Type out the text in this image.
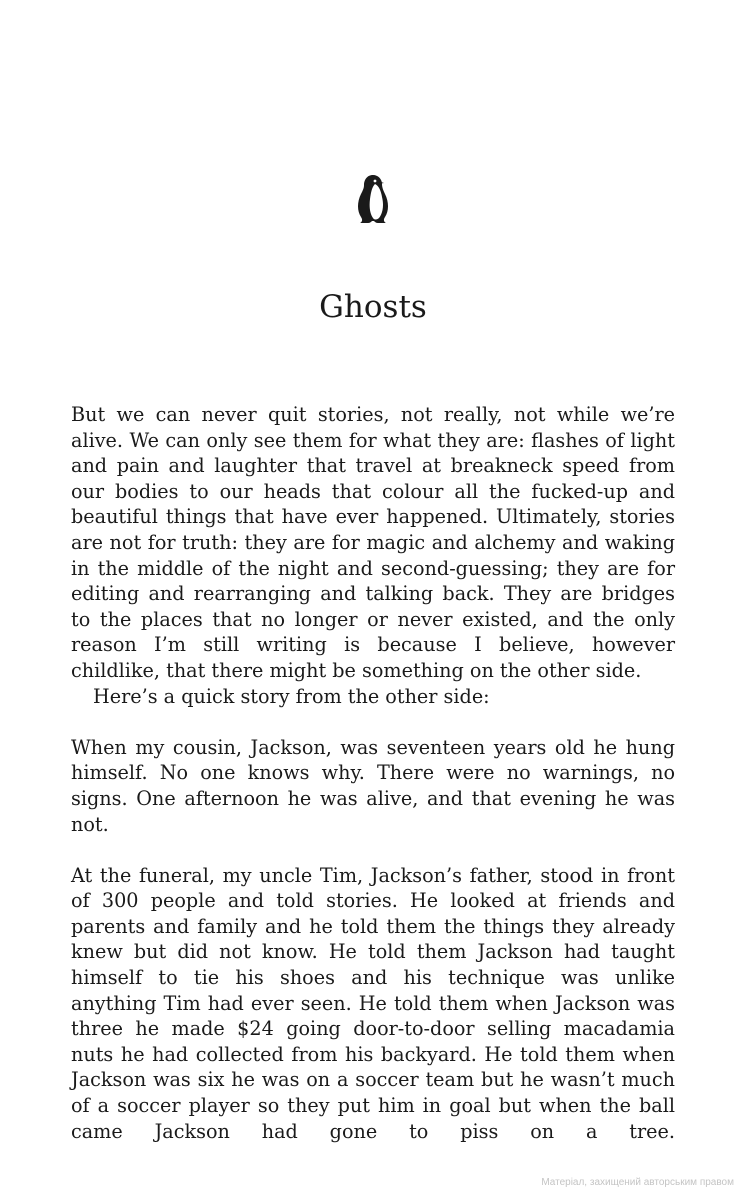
Ghosts

But we can never quit stories, not really, not while we’re alive. We can only see them for what they are: flashes of light and pain and laughter that travel at breakneck speed from our bodies to our heads that colour all the fucked-up and beautiful things that have ever happened. Ultimately, stories are not for truth: they are for magic and alchemy and waking in the middle of the night and second-guessing; they are for editing and rearranging and talking back. They are bridges to the places that no longer or never existed, and the only reason I’m still writing is because I believe, however childlike, that there might be something on the other side.

Here’s a quick story from the other side:

When my cousin, Jackson, was seventeen years old he hung himself. No one knows why. There were no warnings, no signs. One afternoon he was alive, and that evening he was not.

At the funeral, my uncle Tim, Jackson’s father, stood in front of 300 people and told stories. He looked at friends and parents and family and he told them the things they already knew but did not know. He told them Jackson had taught himself to tie his shoes and his technique was unlike anything Tim had ever seen. He told them when Jackson was three he made $24 going door-to-door selling macadamia nuts he had collected from his backyard. He told them when Jackson was six he was on a soccer team but he wasn’t much of a soccer player so they put him in goal but when the ball came Jackson had gone to piss on a tree.

Матеріал, захищений авторським правом
